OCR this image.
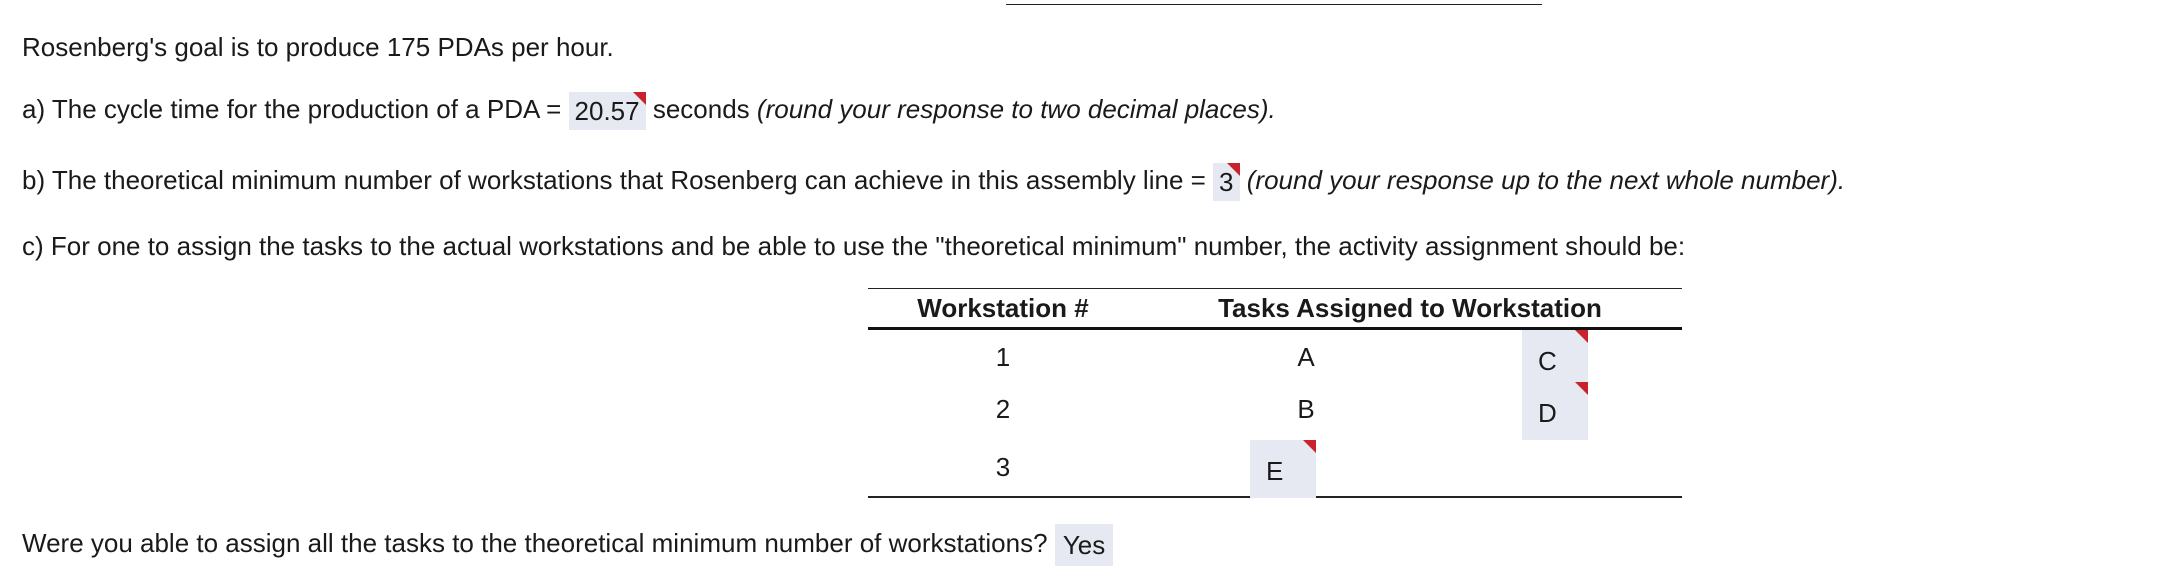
Rosenberg's goal is to produce 175 PDAs per hour.
a) The cycle time for the production of a PDA = 20.57 seconds (round your response to two decimal places).
b) The theoretical minimum number of workstations that Rosenberg can achieve in this assembly line = 3 (round your response up to the next whole number).
c) For one to assign the tasks to the actual workstations and be able to use the "theoretical minimum" number, the activity assignment should be:
Workstation #	Tasks Assigned to Workstation
1	A	C
2	B	D
3	E
Were you able to assign all the tasks to the theoretical minimum number of workstations? Yes
